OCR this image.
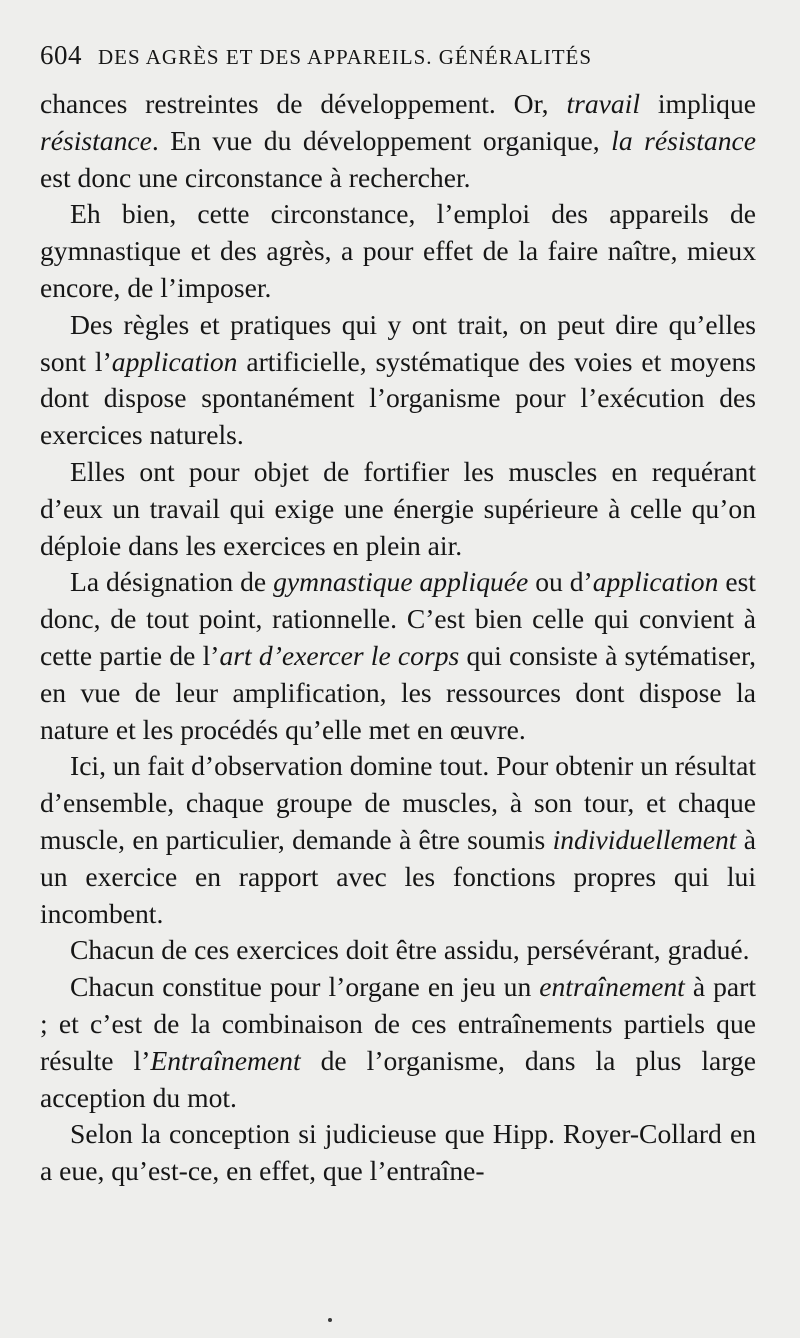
604 DES AGRÈS ET DES APPAREILS. GÉNÉRALITÉS

chances restreintes de développement. Or, travail implique résistance. En vue du développement organique, la résistance est donc une circonstance à rechercher.

Eh bien, cette circonstance, l’emploi des appareils de gymnastique et des agrès, a pour effet de la faire naître, mieux encore, de l’imposer.

Des règles et pratiques qui y ont trait, on peut dire qu’elles sont l’application artificielle, systématique des voies et moyens dont dispose spontanément l’organisme pour l’exécution des exercices naturels.

Elles ont pour objet de fortifier les muscles en requérant d’eux un travail qui exige une énergie supérieure à celle qu’on déploie dans les exercices en plein air.

La désignation de gymnastique appliquée ou d’application est donc, de tout point, rationnelle. C’est bien celle qui convient à cette partie de l’art d’exercer le corps qui consiste à sytématiser, en vue de leur amplification, les ressources dont dispose la nature et les procédés qu’elle met en œuvre.

Ici, un fait d’observation domine tout. Pour obtenir un résultat d’ensemble, chaque groupe de muscles, à son tour, et chaque muscle, en particulier, demande à être soumis individuellement à un exercice en rapport avec les fonctions propres qui lui incombent.

Chacun de ces exercices doit être assidu, persévérant, gradué.

Chacun constitue pour l’organe en jeu un entraînement à part ; et c’est de la combinaison de ces entraînements partiels que résulte l’Entraînement de l’organisme, dans la plus large acception du mot.

Selon la conception si judicieuse que Hipp. Royer-Collard en a eue, qu’est-ce, en effet, que l’entraîne-
